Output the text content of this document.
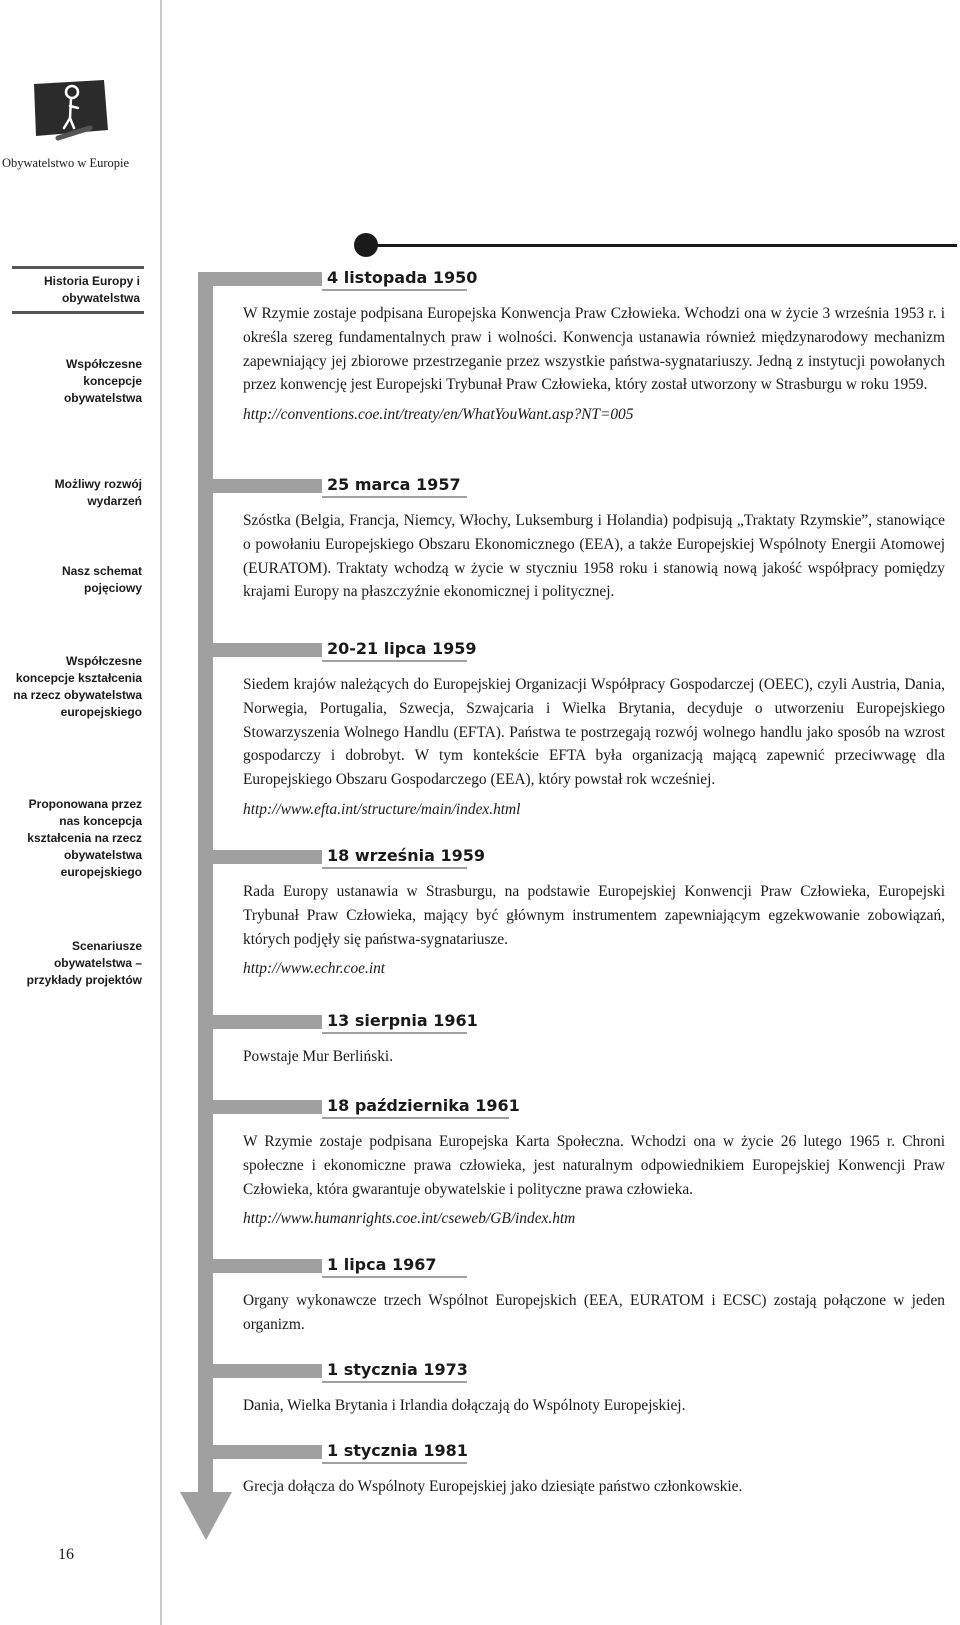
Obywatelstwo w Europie
Historia Europy i obywatelstwa
Współczesne koncepcje obywatelstwa
Możliwy rozwój wydarzeń
Nasz schemat pojęciowy
Współczesne koncepcje kształcenia na rzecz obywatelstwa europejskiego
Proponowana przez nas koncepcja kształcenia na rzecz obywatelstwa europejskiego
Scenariusze obywatelstwa – przykłady projektów
4 listopada 1950

W Rzymie zostaje podpisana Europejska Konwencja Praw Człowieka. Wchodzi ona w życie 3 września 1953 r. i określa szereg fundamentalnych praw i wolności. Konwencja ustanawia również międzynarodowy mechanizm zapewniający jej zbiorowe przestrzeganie przez wszystkie państwa-sygnatariuszy. Jedną z instytucji powołanych przez konwencję jest Europejski Trybunał Praw Człowieka, który został utworzony w Strasburgu w roku 1959.

http://conventions.coe.int/treaty/en/WhatYouWant.asp?NT=005
25 marca 1957

Szóstka (Belgia, Francja, Niemcy, Włochy, Luksemburg i Holandia) podpisują „Traktaty Rzymskie”, stanowiące o powołaniu Europejskiego Obszaru Ekonomicznego (EEA), a także Europejskiej Wspólnoty Energii Atomowej (EURATOM). Traktaty wchodzą w życie w styczniu 1958 roku i stanowią nową jakość współpracy pomiędzy krajami Europy na płaszczyźnie ekonomicznej i politycznej.

20-21 lipca 1959

Siedem krajów należących do Europejskiej Organizacji Współpracy Gospodarczej (OEEC), czyli Austria, Dania, Norwegia, Portugalia, Szwecja, Szwajcaria i Wielka Brytania, decyduje o utworzeniu Europejskiego Stowarzyszenia Wolnego Handlu (EFTA). Państwa te postrzegają rozwój wolnego handlu jako sposób na wzrost gospodarczy i dobrobyt. W tym kontekście EFTA była organizacją mającą zapewnić przeciwwagę dla Europejskiego Obszaru Gospodarczego (EEA), który powstał rok wcześniej.

http://www.efta.int/structure/main/index.html
18 września 1959

Rada Europy ustanawia w Strasburgu, na podstawie Europejskiej Konwencji Praw Człowieka, Europejski Trybunał Praw Człowieka, mający być głównym instrumentem zapewniającym egzekwowanie zobowiązań, których podjęły się państwa-sygnatariusze.

http://www.echr.coe.int
13 sierpnia 1961

Powstaje Mur Berliński.

18 października 1961

W Rzymie zostaje podpisana Europejska Karta Społeczna. Wchodzi ona w życie 26 lutego 1965 r. Chroni społeczne i ekonomiczne prawa człowieka, jest naturalnym odpowiednikiem Europejskiej Konwencji Praw Człowieka, która gwarantuje obywatelskie i polityczne prawa człowieka.

http://www.humanrights.coe.int/cseweb/GB/index.htm
1 lipca 1967

Organy wykonawcze trzech Wspólnot Europejskich (EEA, EURATOM i ECSC) zostają połączone w jeden organizm.

1 stycznia 1973

Dania, Wielka Brytania i Irlandia dołączają do Wspólnoty Europejskiej.

1 stycznia 1981

Grecja dołącza do Wspólnoty Europejskiej jako dziesiąte państwo członkowskie.

16
